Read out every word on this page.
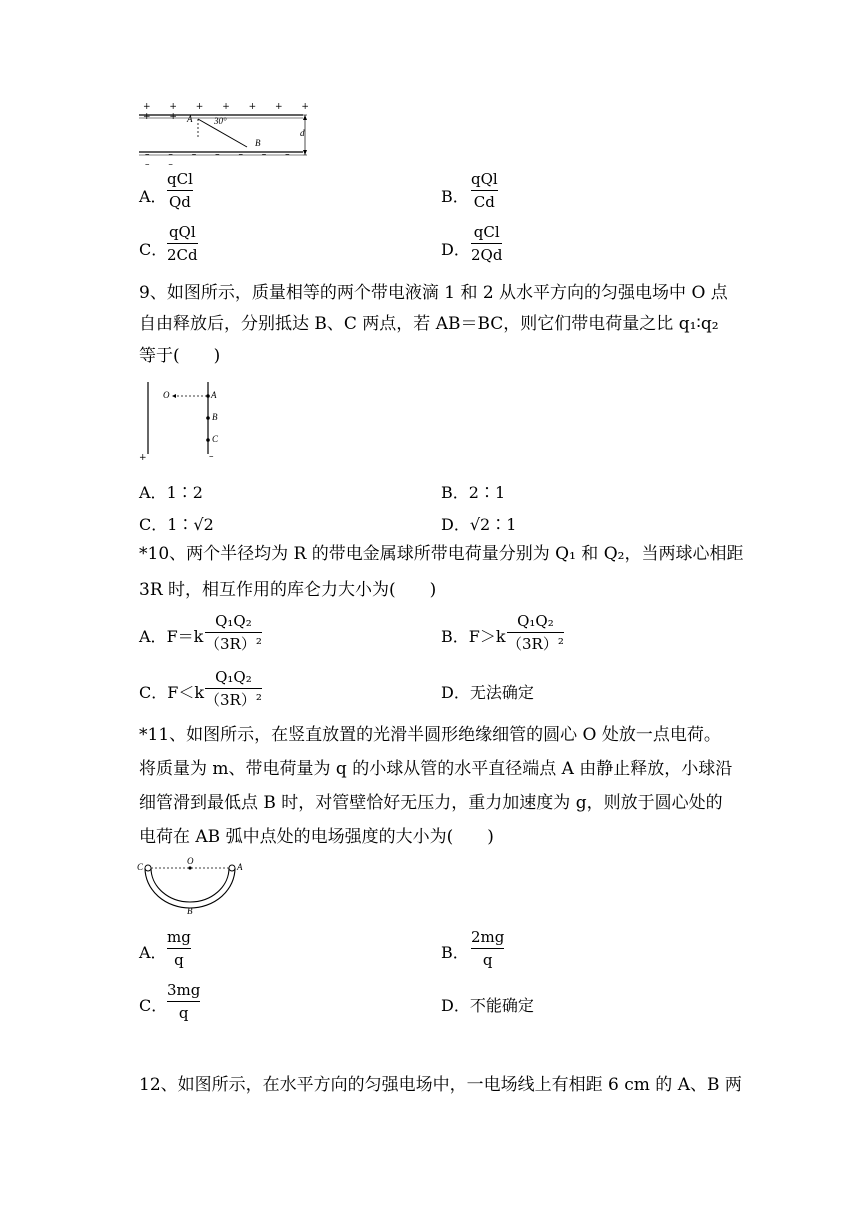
+ + + + + + + + +
– – – – – – – – –
A 30°
B
d
A．
qCl
Qd	B．
qQl
Cd
C．
qQl
2Cd	D．
qCl
2Qd
9、如图所示，质量相等的两个带电液滴 1 和 2 从水平方向的匀强电场中 O 点
自由释放后，分别抵达 B、C 两点，若 AB＝BC，则它们带电荷量之比 q₁∶q₂
等于(　　)
O	A
B
C
+	–
A．1∶2	B．2∶1
C．1∶√2	D．√2∶1
*10、两个半径均为 R 的带电金属球所带电荷量分别为 Q₁ 和 Q₂，当两球心相距
3R 时，相互作用的库仑力大小为(　　)
A．F＝k
Q₁Q₂
（3R）²	B．F＞k
Q₁Q₂
（3R）²
C．F＜k
Q₁Q₂
（3R）²	D．无法确定
*11、如图所示，在竖直放置的光滑半圆形绝缘细管的圆心 O 处放一点电荷。
将质量为 m、带电荷量为 q 的小球从管的水平直径端点 A 由静止释放，小球沿
细管滑到最低点 B 时，对管壁恰好无压力，重力加速度为 g，则放于圆心处的
电荷在 AB 弧中点处的电场强度的大小为(　　)
C
O
A
B
A．
mg
q	B．
2mg
q
C．
3mg
q	D．不能确定
12、如图所示，在水平方向的匀强电场中，一电场线上有相距 6 cm 的 A、B 两
